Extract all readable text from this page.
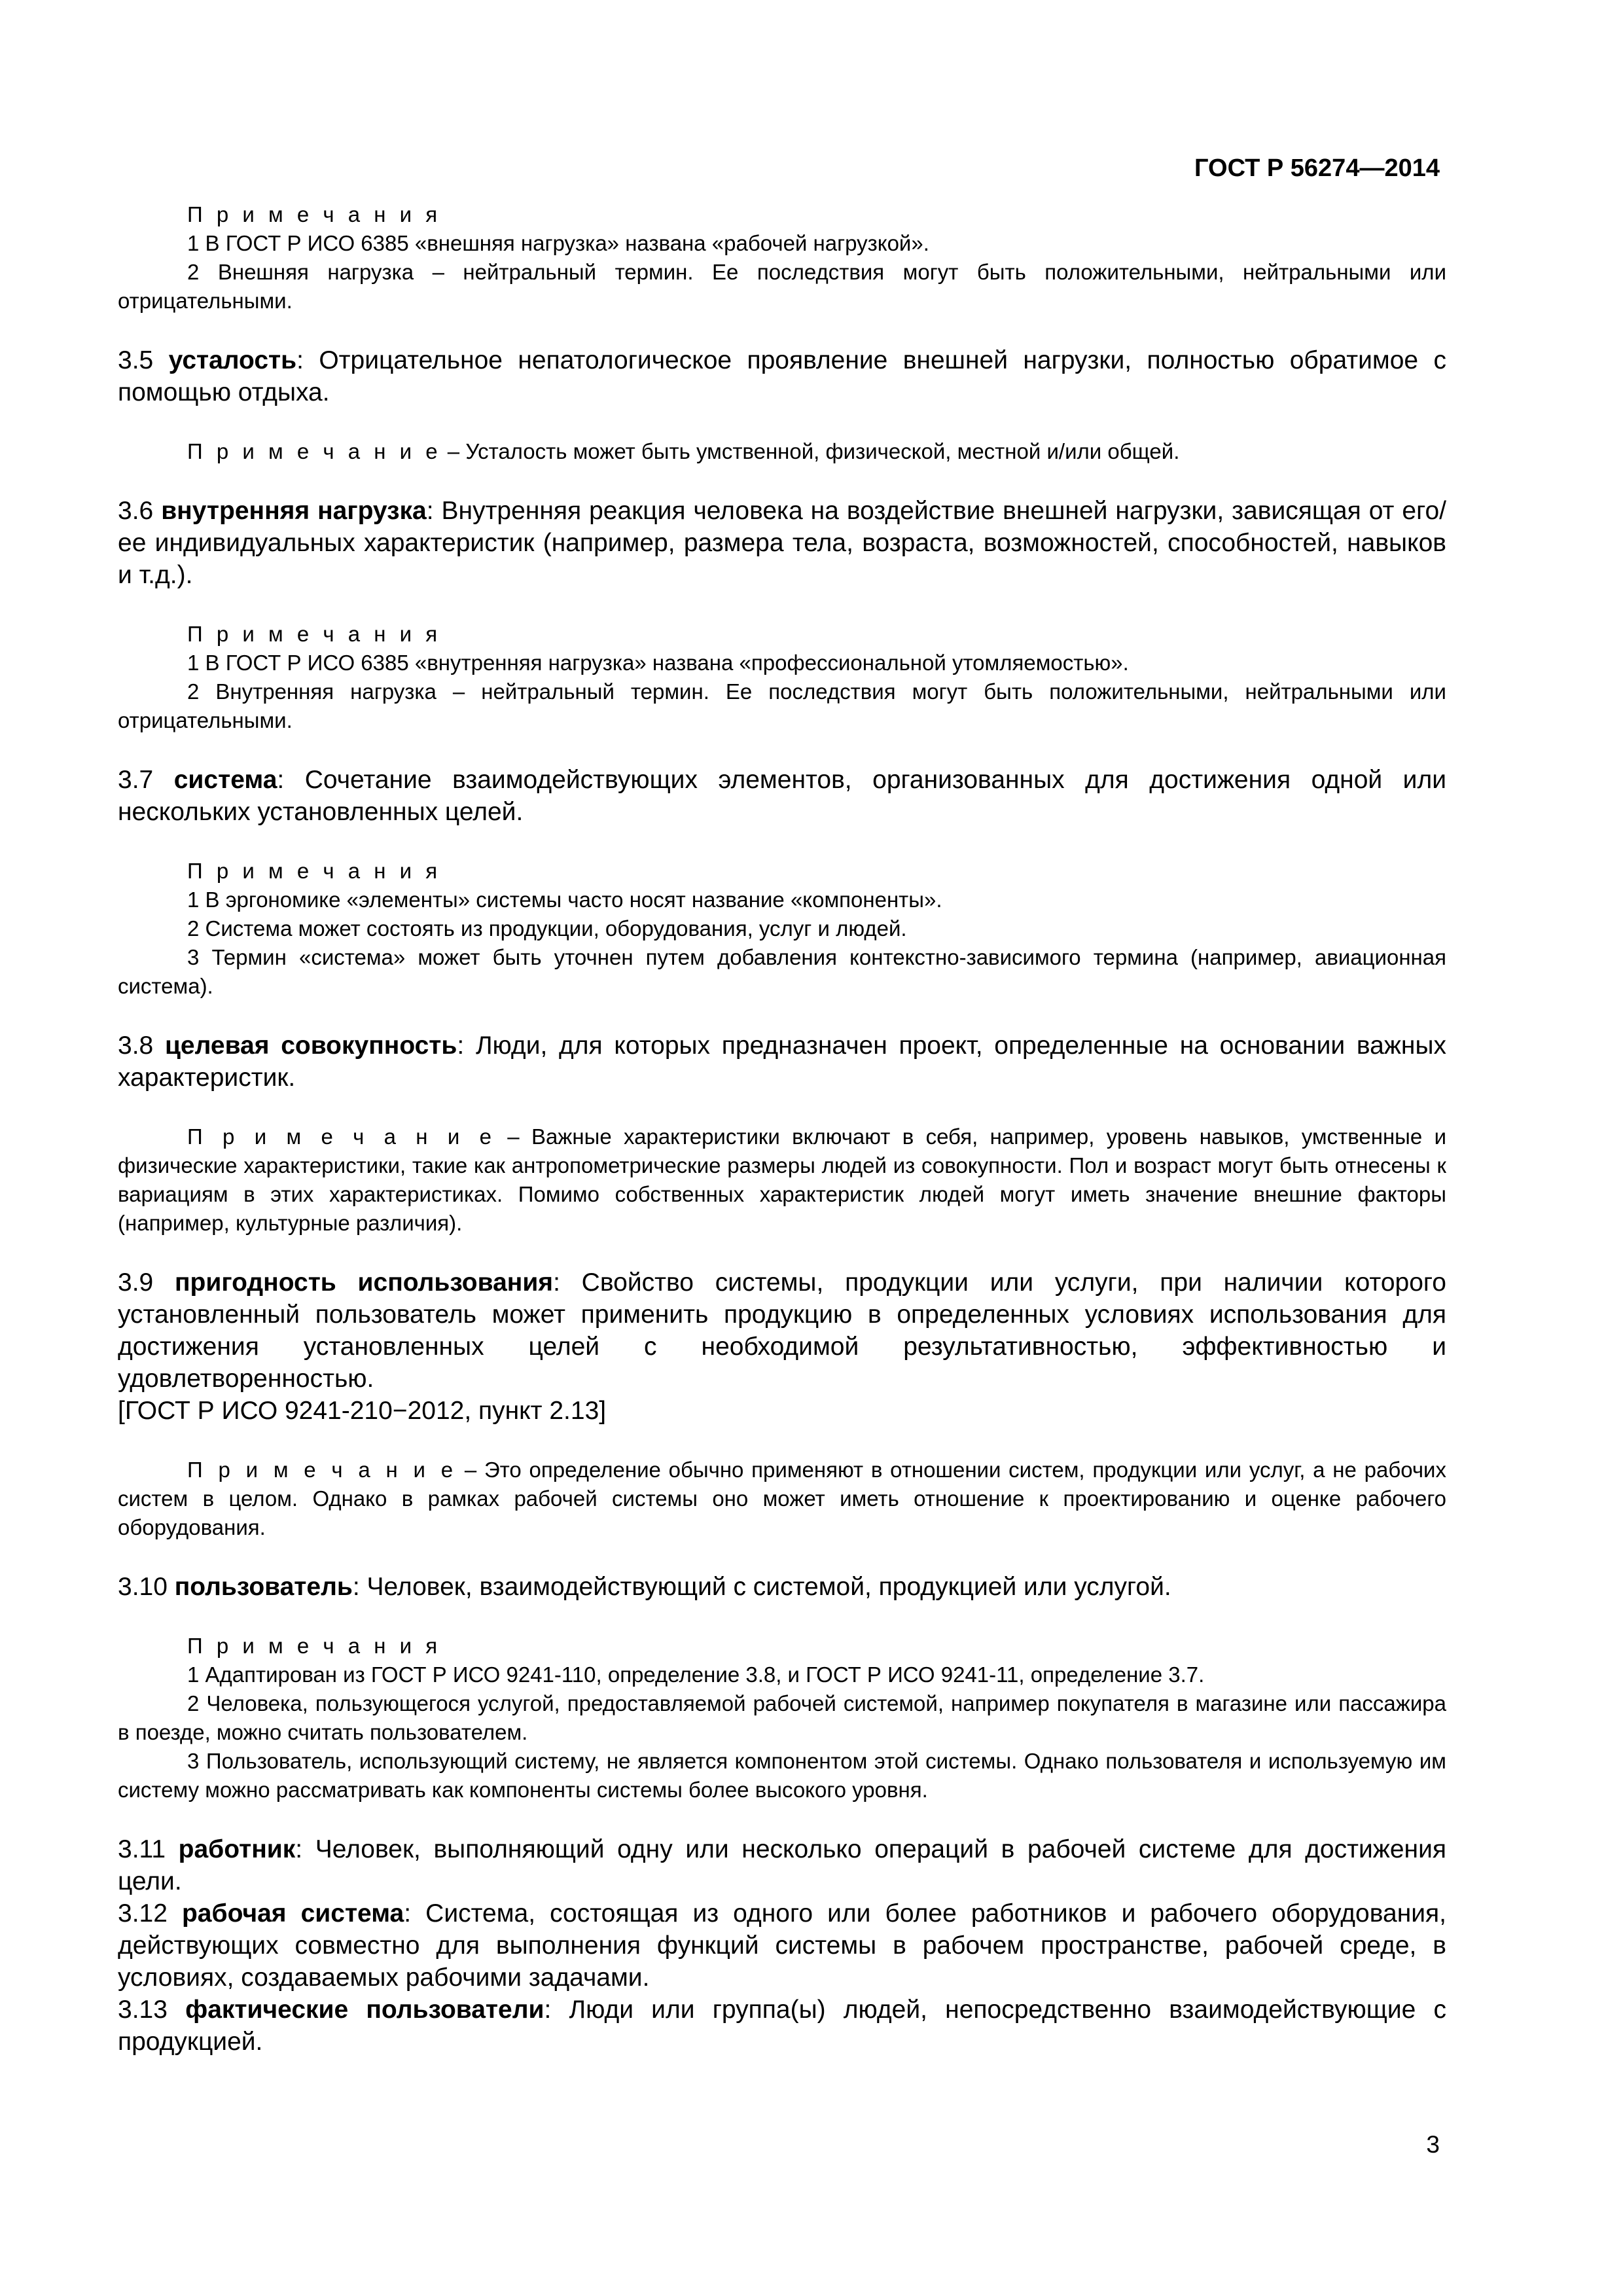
ГОСТ Р 56274—2014

П р и м е ч а н и я

1 В ГОСТ Р ИСО 6385 «внешняя нагрузка» названа «рабочей нагрузкой».

2 Внешняя нагрузка – нейтральный термин. Ее последствия могут быть положительными, нейтральными или отрицательными.

3.5 усталость: Отрицательное непатологическое проявление внешней нагрузки, полностью обратимое с помощью отдыха.

П р и м е ч а н и е – Усталость может быть умственной, физической, местной и/или общей.

3.6 внутренняя нагрузка: Внутренняя реакция человека на воздействие внешней нагрузки, зависящая от его/ее индивидуальных характеристик (например, размера тела, возраста, возможностей, способностей, навыков и т.д.).

П р и м е ч а н и я

1 В ГОСТ Р ИСО 6385 «внутренняя нагрузка» названа «профессиональной утомляемостью».

2 Внутренняя нагрузка – нейтральный термин. Ее последствия могут быть положительными, нейтральными или отрицательными.

3.7 система: Сочетание взаимодействующих элементов, организованных для достижения одной или нескольких установленных целей.

П р и м е ч а н и я

1 В эргономике «элементы» системы часто носят название «компоненты».

2 Система может состоять из продукции, оборудования, услуг и людей.

3 Термин «система» может быть уточнен путем добавления контекстно-зависимого термина (например, авиационная система).

3.8 целевая совокупность: Люди, для которых предназначен проект, определенные на основании важных характеристик.

П р и м е ч а н и е – Важные характеристики включают в себя, например, уровень навыков, умственные и физические характеристики, такие как антропометрические размеры людей из совокупности. Пол и возраст могут быть отнесены к вариациям в этих характеристиках. Помимо собственных характеристик людей могут иметь значение внешние факторы (например, культурные различия).

3.9 пригодность использования: Свойство системы, продукции или услуги, при наличии которого установленный пользователь может применить продукцию в определенных условиях использования для достижения установленных целей с необходимой результативностью, эффективностью и удовлетворенностью.

[ГОСТ Р ИСО 9241-210−2012, пункт 2.13]

П р и м е ч а н и е – Это определение обычно применяют в отношении систем, продукции или услуг, а не рабочих систем в целом. Однако в рамках рабочей системы оно может иметь отношение к проектированию и оценке рабочего оборудования.

3.10 пользователь: Человек, взаимодействующий с системой, продукцией или услугой.

П р и м е ч а н и я

1 Адаптирован из ГОСТ Р ИСО 9241-110, определение 3.8, и ГОСТ Р ИСО 9241-11, определение 3.7.

2 Человека, пользующегося услугой, предоставляемой рабочей системой, например покупателя в магазине или пассажира в поезде, можно считать пользователем.

3 Пользователь, использующий систему, не является компонентом этой системы. Однако пользователя и используемую им систему можно рассматривать как компоненты системы более высокого уровня.

3.11 работник: Человек, выполняющий одну или несколько операций в рабочей системе для достижения цели.

3.12 рабочая система: Система, состоящая из одного или более работников и рабочего оборудования, действующих совместно для выполнения функций системы в рабочем пространстве, рабочей среде, в условиях, создаваемых рабочими задачами.

3.13 фактические пользователи: Люди или группа(ы) людей, непосредственно взаимодействующие с продукцией.

3
